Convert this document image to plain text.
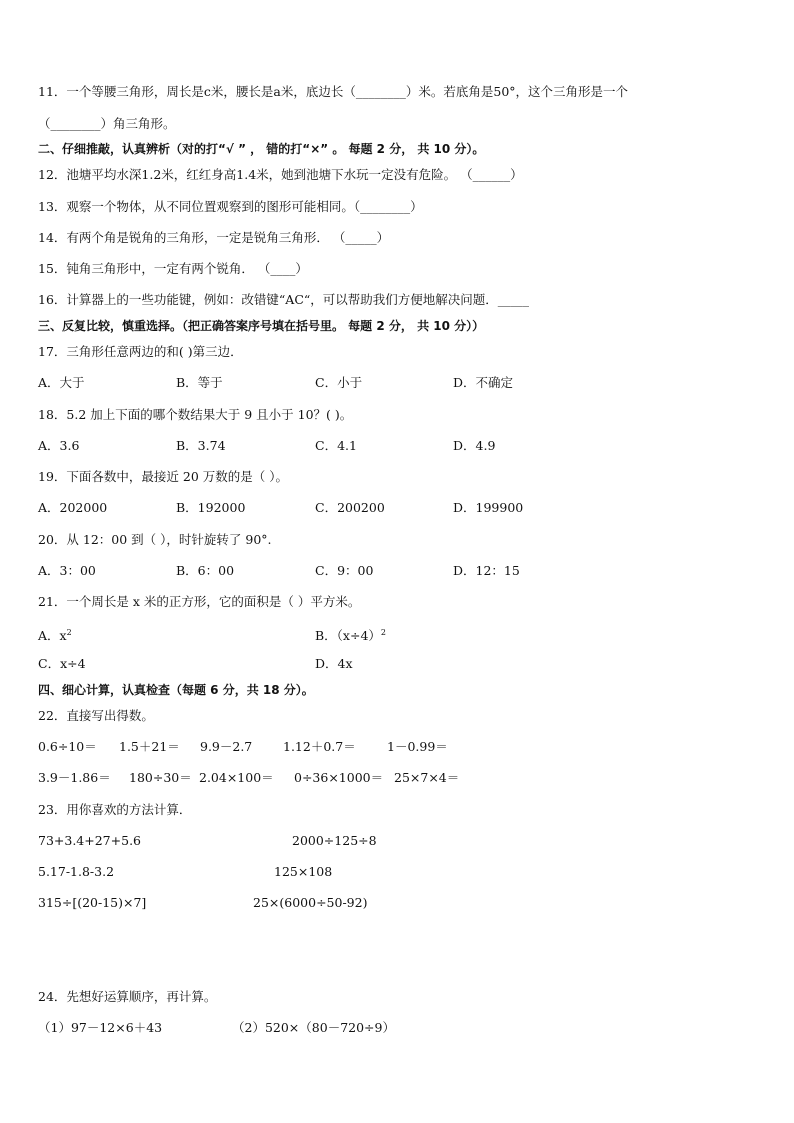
11．一个等腰三角形，周长是c米，腰长是a米，底边长（________）米。若底角是50°，这个三角形是一个
（________）角三角形。
二、仔细推敲，认真辨析（对的打“√ ” ， 错的打“×” 。 每题 2 分， 共 10 分）。
12．池塘平均水深1.2米，红红身高1.4米，她到池塘下水玩一定没有危险。 （______）
13．观察一个物体，从不同位置观察到的图形可能相同。（________）
14．有两个角是锐角的三角形，一定是锐角三角形． （_____）
15．钝角三角形中，一定有两个锐角． （____）
16．计算器上的一些功能键，例如：改错键“AC“，可以帮助我们方便地解决问题．_____
三、反复比较，慎重选择。（把正确答案序号填在括号里。 每题 2 分， 共 10 分））
17．三角形任意两边的和( )第三边．
A．大于	B．等于	C．小于	D．不确定
18．5.2 加上下面的哪个数结果大于 9 且小于 10？( )。
A．3.6	B．3.74	C．4.1	D．4.9
19．下面各数中，最接近 20 万数的是（ ）。
A．202000	B．192000	C．200200	D．199900
20．从 12：00 到（ ），时针旋转了 90°.
A．3：00	B．6：00	C．9：00	D．12：15
21．一个周长是 x 米的正方形，它的面积是（ ）平方米。
A．$x^2$	B．$(x\div 4)^2$
C．x÷4	D．4x
四、细心计算，认真检查（每题 6 分，共 18 分）。
22．直接写出得数。
0.6÷10＝ 1.5＋21＝ 9.9－2.7 1.12＋0.7＝	1－0.99＝
3.9－1.86＝ 180÷30＝ 2.04×100＝ 0÷36×1000＝ 25×7×4＝
23．用你喜欢的方法计算．
73+3.4+27+5.6	2000÷125÷8
5.17-1.8-3.2	125×108
315÷[(20-15)×7]	25×(6000÷50-92)
24．先想好运算顺序，再计算。
（1）97－12×6＋43	（2）520×（80－720÷9）
